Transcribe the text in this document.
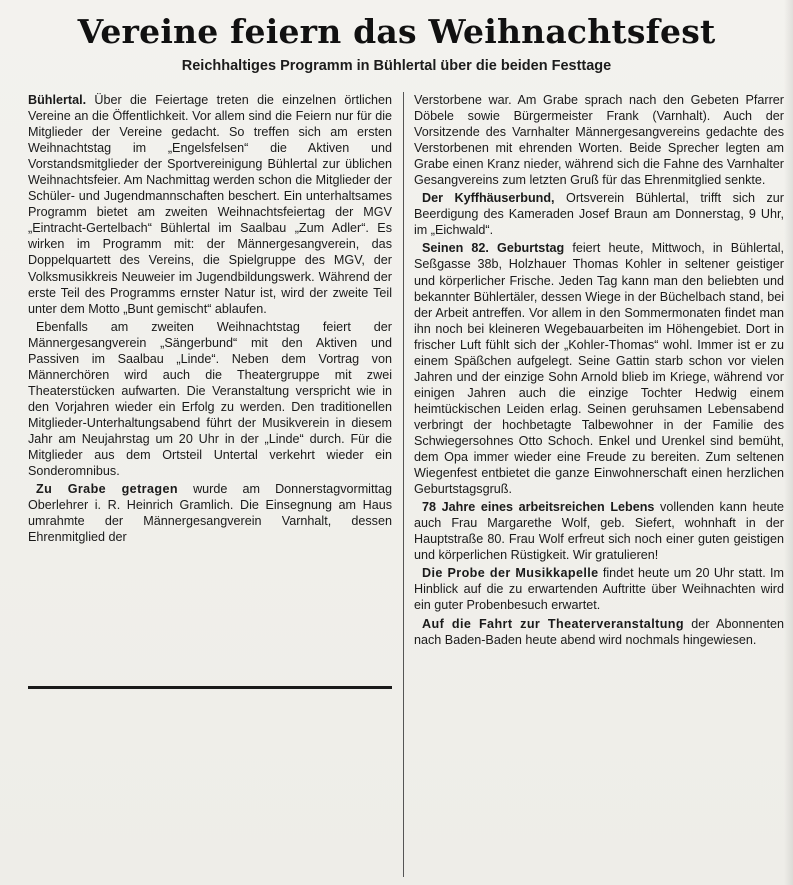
Vereine feiern das Weihnachtsfest
Reichhaltiges Programm in Bühlertal über die beiden Festtage

Bühlertal. Über die Feiertage treten die einzelnen örtlichen Vereine an die Öffentlichkeit. Vor allem sind die Feiern nur für die Mitglieder der Vereine gedacht. So treffen sich am ersten Weihnachtstag im „Engelsfelsen“ die Aktiven und Vorstandsmitglieder der Sportvereinigung Bühlertal zur üblichen Weihnachtsfeier. Am Nachmittag werden schon die Mitglieder der Schüler- und Jugendmannschaften beschert. Ein unterhaltsames Programm bietet am zweiten Weihnachtsfeiertag der MGV „Eintracht-Gertelbach“ Bühlertal im Saalbau „Zum Adler“. Es wirken im Programm mit: der Männergesangverein, das Doppelquartett des Vereins, die Spielgruppe des MGV, der Volksmusikkreis Neuweier im Jugendbildungswerk. Während der erste Teil des Programms ernster Natur ist, wird der zweite Teil unter dem Motto „Bunt gemischt“ ablaufen.

Ebenfalls am zweiten Weihnachtstag feiert der Männergesangverein „Sängerbund“ mit den Aktiven und Passiven im Saalbau „Linde“. Neben dem Vortrag von Männerchören wird auch die Theatergruppe mit zwei Theaterstücken aufwarten. Die Veranstaltung verspricht wie in den Vorjahren wieder ein Erfolg zu werden. Den traditionellen Mitglieder-Unterhaltungsabend führt der Musikverein in diesem Jahr am Neujahrstag um 20 Uhr in der „Linde“ durch. Für die Mitglieder aus dem Ortsteil Untertal verkehrt wieder ein Sonderomnibus.

Zu Grabe getragen wurde am Donnerstagvormittag Oberlehrer i. R. Heinrich Gramlich. Die Einsegnung am Haus umrahmte der Männergesangverein Varnhalt, dessen Ehrenmitglied der

Verstorbene war. Am Grabe sprach nach den Gebeten Pfarrer Döbele sowie Bürgermeister Frank (Varnhalt). Auch der Vorsitzende des Varnhalter Männergesangvereins gedachte des Verstorbenen mit ehrenden Worten. Beide Sprecher legten am Grabe einen Kranz nieder, während sich die Fahne des Varnhalter Gesangvereins zum letzten Gruß für das Ehrenmitglied senkte.

Der Kyffhäuserbund, Ortsverein Bühlertal, trifft sich zur Beerdigung des Kameraden Josef Braun am Donnerstag, 9 Uhr, im „Eichwald“.

Seinen 82. Geburtstag feiert heute, Mittwoch, in Bühlertal, Seßgasse 38b, Holzhauer Thomas Kohler in seltener geistiger und körperlicher Frische. Jeden Tag kann man den beliebten und bekannter Bühlertäler, dessen Wiege in der Büchelbach stand, bei der Arbeit antreffen. Vor allem in den Sommermonaten findet man ihn noch bei kleineren Wegebauarbeiten im Höhengebiet. Dort in frischer Luft fühlt sich der „Kohler-Thomas“ wohl. Immer ist er zu einem Späßchen aufgelegt. Seine Gattin starb schon vor vielen Jahren und der einzige Sohn Arnold blieb im Kriege, während vor einigen Jahren auch die einzige Tochter Hedwig einem heimtückischen Leiden erlag. Seinen geruhsamen Lebensabend verbringt der hochbetagte Talbewohner in der Familie des Schwiegersohnes Otto Schoch. Enkel und Urenkel sind bemüht, dem Opa immer wieder eine Freude zu bereiten. Zum seltenen Wiegenfest entbietet die ganze Einwohnerschaft einen herzlichen Geburtstagsgruß.

78 Jahre eines arbeitsreichen Lebens vollenden kann heute auch Frau Margarethe Wolf, geb. Siefert, wohnhaft in der Hauptstraße 80. Frau Wolf erfreut sich noch einer guten geistigen und körperlichen Rüstigkeit. Wir gratulieren!

Die Probe der Musikkapelle findet heute um 20 Uhr statt. Im Hinblick auf die zu erwartenden Auftritte über Weihnachten wird ein guter Probenbesuch erwartet.

Auf die Fahrt zur Theaterveranstaltung der Abonnenten nach Baden-Baden heute abend wird nochmals hingewiesen.
